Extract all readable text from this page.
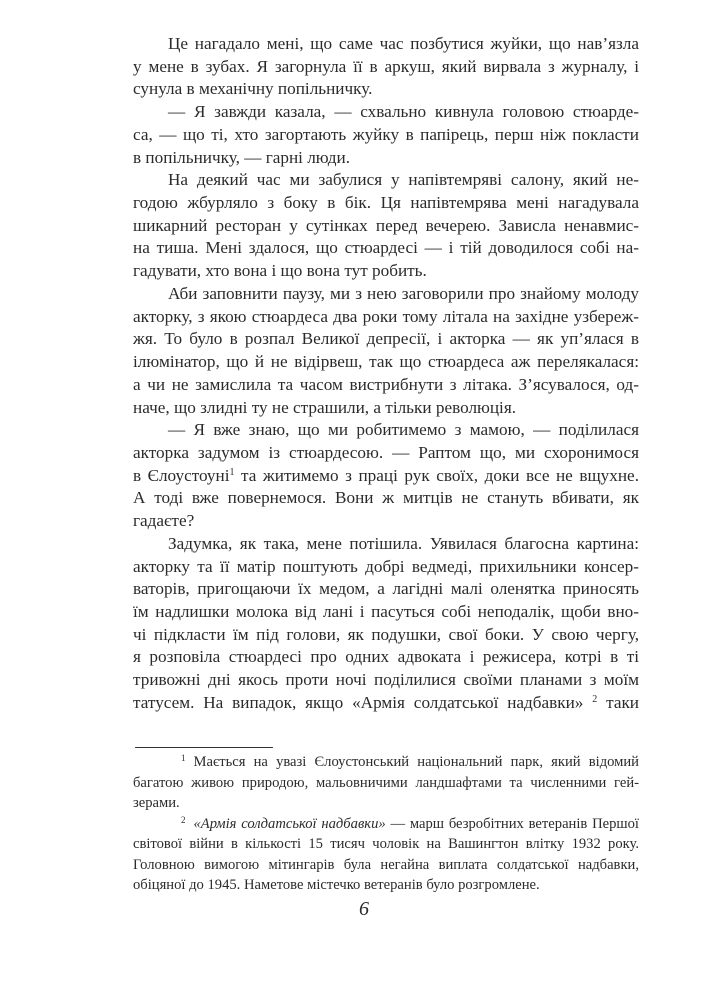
Це нагадало мені, що саме час позбутися жуйки, що нав’язла
у мене в зубах. Я загорнула її в аркуш, який вирвала з журналу, і
сунула в механічну попільничку.
— Я завжди казала, — схвально кивнула головою стюарде-
са, — що ті, хто загортають жуйку в папірець, перш ніж покласти
в попільничку, — гарні люди.
На деякий час ми забулися у напівтемряві салону, який не-
годою жбурляло з боку в бік. Ця напівтемрява мені нагадувала
шикарний ресторан у сутінках перед вечерею. Зависла ненавмис-
на тиша. Мені здалося, що стюардесі — і тій доводилося собі на-
гадувати, хто вона і що вона тут робить.
Аби заповнити паузу, ми з нею заговорили про знайому молоду
акторку, з якою стюардеса два роки тому літала на західне узбереж-
жя. То було в розпал Великої депресії, і акторка — як уп’ялася в
ілюмінатор, що й не відірвеш, так що стюардеса аж перелякалася:
а чи не замислила та часом вистрибнути з літака. З’ясувалося, од-
наче, що злидні ту не страшили, а тільки революція.
— Я вже знаю, що ми робитимемо з мамою, — поділилася
акторка задумом із стюардесою. — Раптом що, ми схоронимося
в Єлоустоуні$^1$ та житимемо з праці рук своїх, доки все не вщухне.
А тоді вже повернемося. Вони ж митців не стануть вбивати, як
гадаєте?
Задумка, як така, мене потішила. Уявилася благосна картина:
акторку та її матір поштують добрі ведмеді, прихильники консер-
ваторів, пригощаючи їх медом, а лагідні малі оленятка приносять
їм надлишки молока від лані і пасуться собі неподалік, щоби вно-
чі підкласти їм під голови, як подушки, свої боки. У свою чергу,
я розповіла стюардесі про одних адвоката і режисера, котрі в ті
тривожні дні якось проти ночі поділилися своїми планами з моїм
татусем. На випадок, якщо «Армія солдатської надбавки» $^2$ таки
$^1$ Мається на увазі Єлоустонський національний парк, який відомий
багатою живою природою, мальовничими ландшафтами та численними гей-
зерами.
$^2$ «Армія солдатської надбавки» — марш безробітних ветеранів Першої
світової війни в кількості 15 тисяч чоловік на Вашингтон влітку 1932 року.
Головною вимогою мітингарів була негайна виплата солдатської надбавки,
обіцяної до 1945. Наметове містечко ветеранів було розгромлене.
6
